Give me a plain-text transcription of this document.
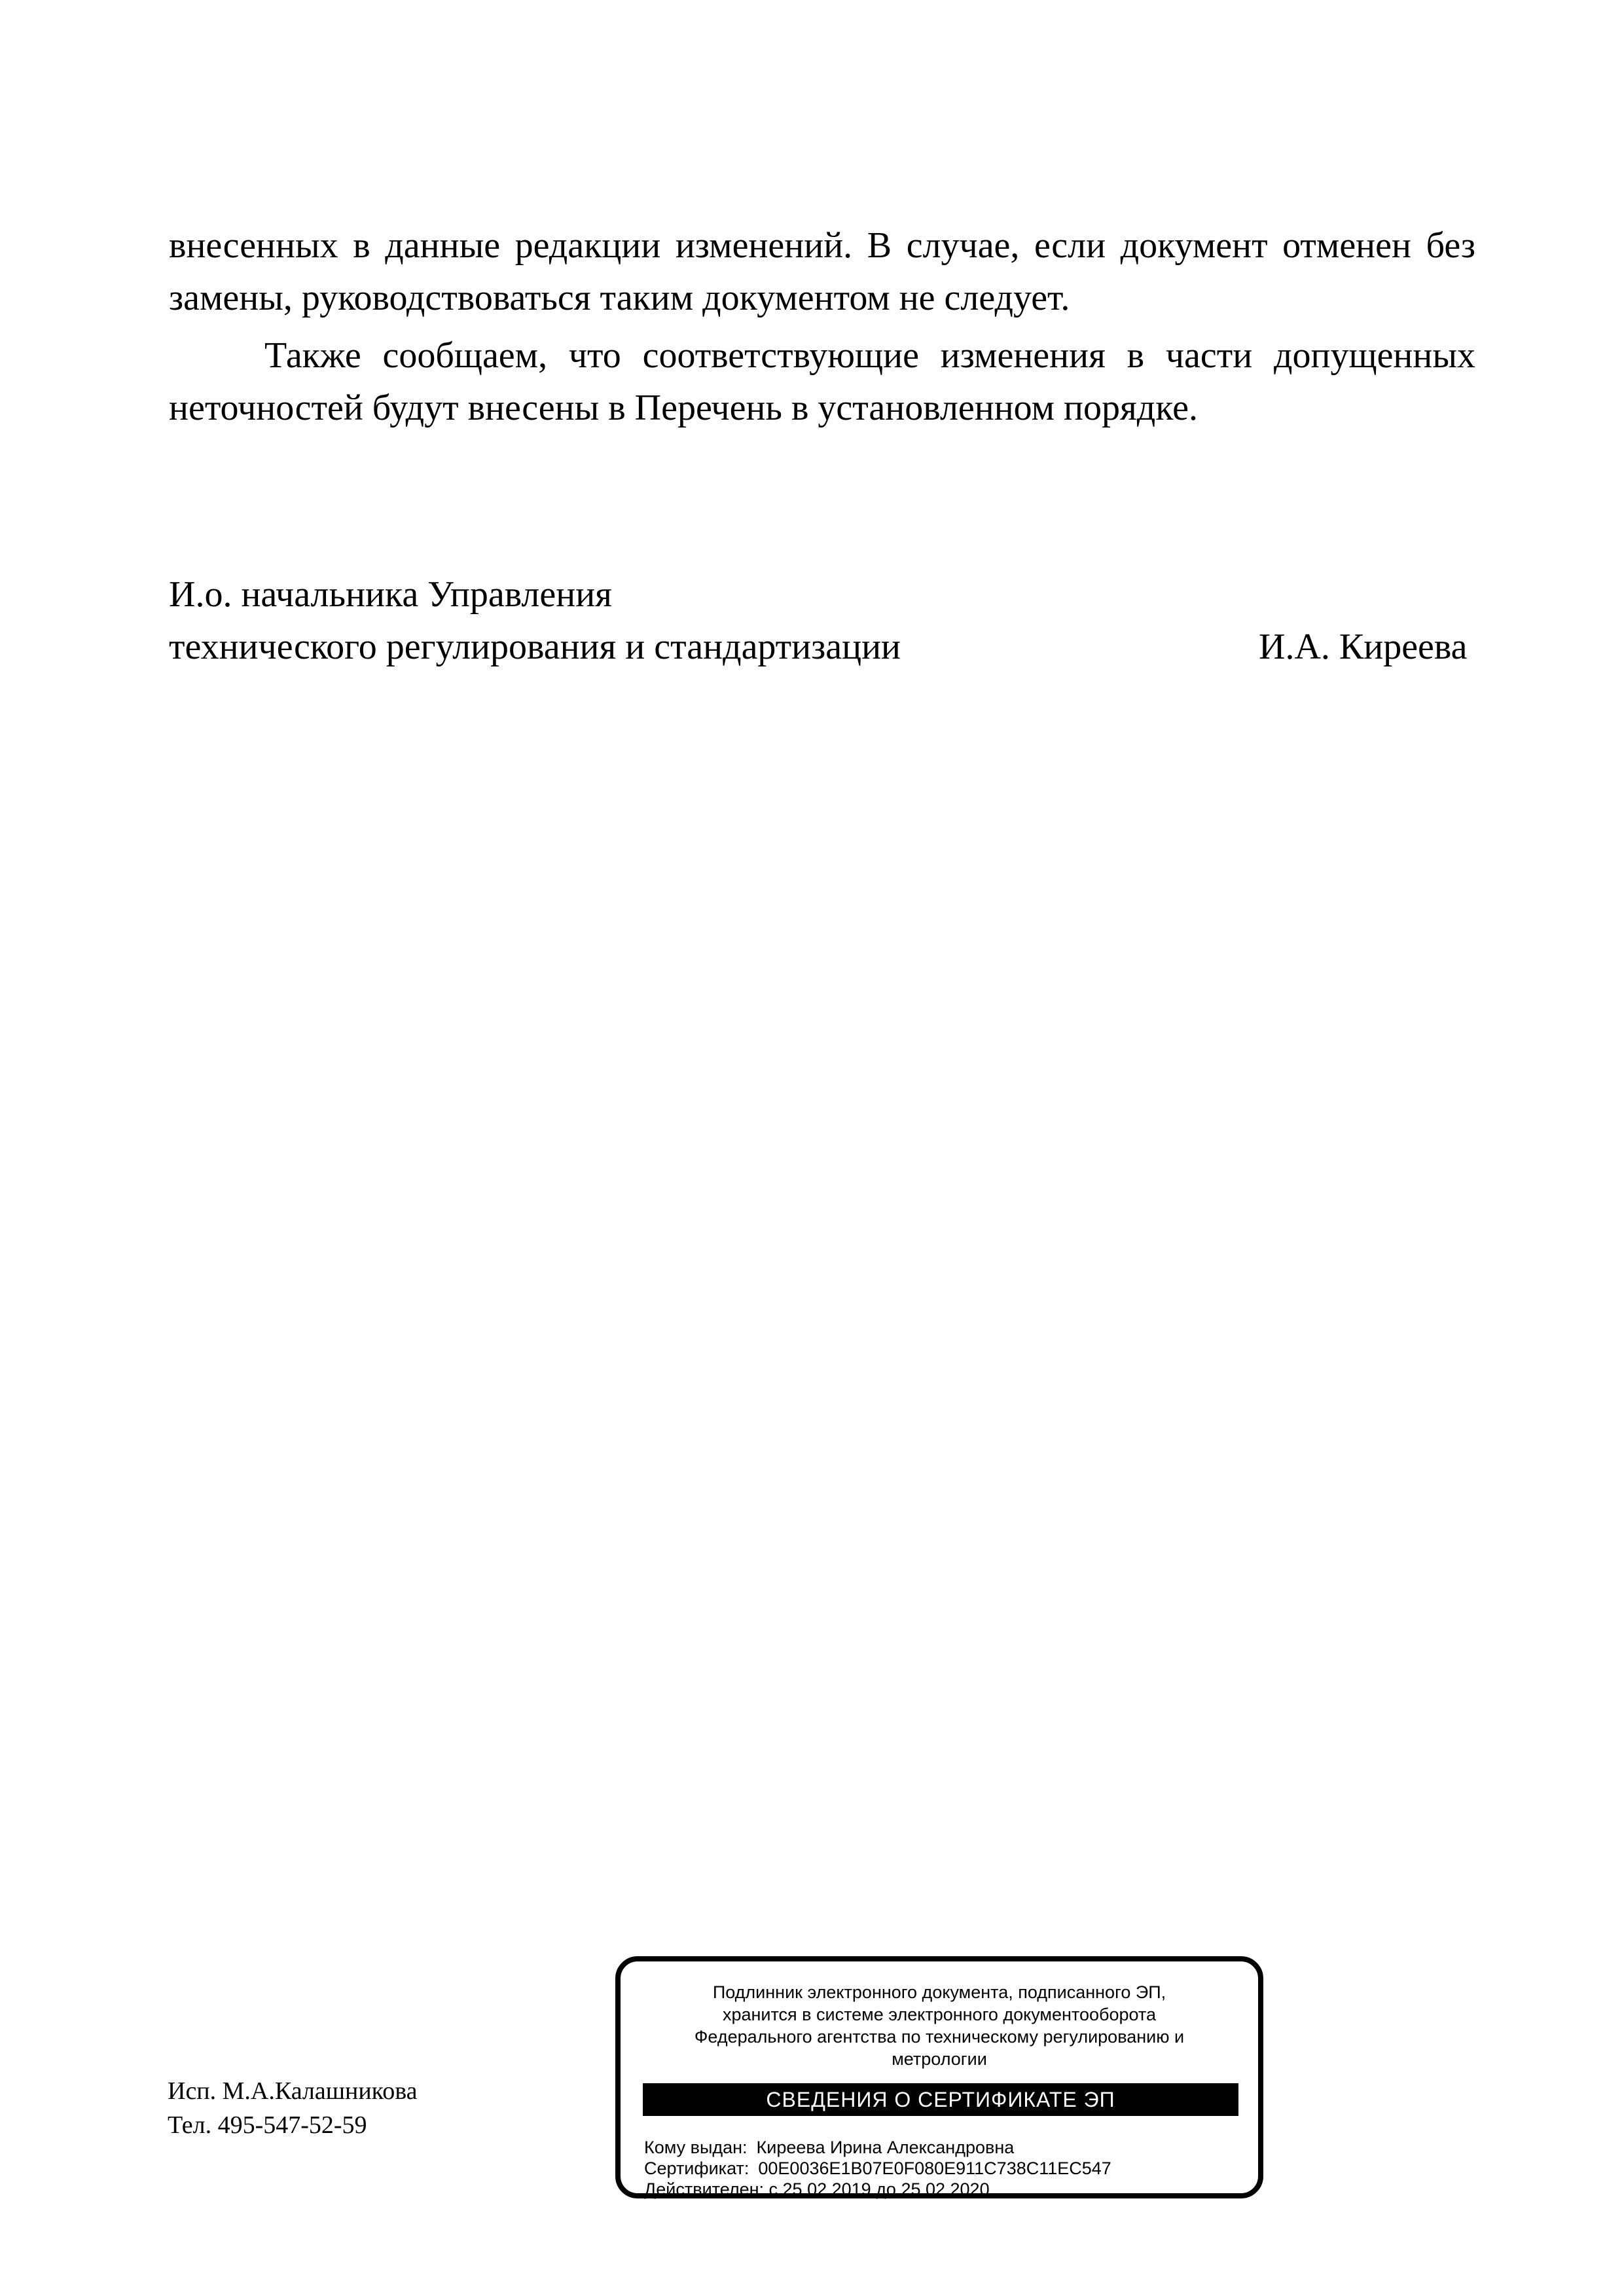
внесенных в данные редакции изменений. В случае, если документ отменен без
замены, руководствоваться таким документом не следует.
Также сообщаем, что соответствующие изменения в части допущенных
неточностей будут внесены в Перечень в установленном порядке.
И.о. начальника Управления
технического регулирования и стандартизации	И.А. Киреева
Исп. М.А.Калашникова
Тел. 495-547-52-59
Подлинник электронного документа, подписанного ЭП,
хранится в системе электронного документооборота
Федерального агентства по техническому регулированию и
метрологии
СВЕДЕНИЯ О СЕРТИФИКАТЕ ЭП
Кому выдан: Киреева Ирина Александровна
Сертификат: 00E0036E1B07E0F080E911C738C11EC547
Действителен: с 25.02.2019 до 25.02.2020
